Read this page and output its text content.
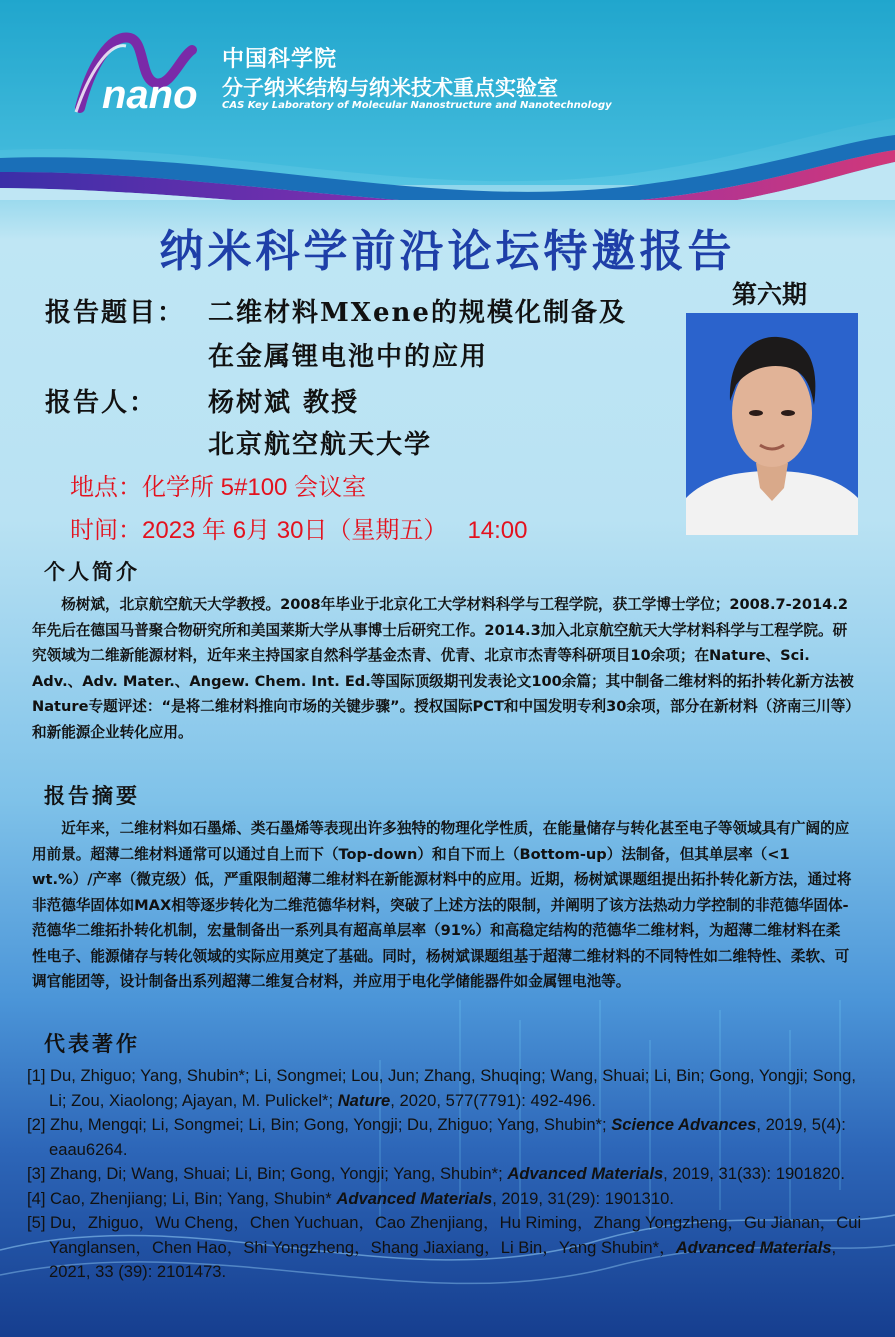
nano
中国科学院
分子纳米结构与纳米技术重点实验室
CAS Key Laboratory of Molecular Nanostructure and Nanotechnology
纳米科学前沿论坛特邀报告
第六期
报告题目： 二维材料MXene的规模化制备及
在金属锂电池中的应用
报告人： 杨树斌 教授
北京航空航天大学
地点：化学所 5#100 会议室
时间：2023 年 6月 30日（星期五）   14:00
个人简介

杨树斌，北京航空航天大学教授。2008年毕业于北京化工大学材料科学与工程学院，获工学博士学位；2008.7-2014.2年先后在德国马普聚合物研究所和美国莱斯大学从事博士后研究工作。2014.3加入北京航空航天大学材料科学与工程学院。研究领域为二维新能源材料，近年来主持国家自然科学基金杰青、优青、北京市杰青等科研项目10余项；在Nature、Sci. Adv.、Adv. Mater.、Angew. Chem. Int. Ed.等国际顶级期刊发表论文100余篇；其中制备二维材料的拓扑转化新方法被Nature专题评述：“是将二维材料推向市场的关键步骤”。授权国际PCT和中国发明专利30余项，部分在新材料（济南三川等）和新能源企业转化应用。

报告摘要

近年来，二维材料如石墨烯、类石墨烯等表现出许多独特的物理化学性质，在能量储存与转化甚至电子等领域具有广阔的应用前景。超薄二维材料通常可以通过自上而下（Top-down）和自下而上（Bottom-up）法制备，但其单层率（<1 wt.%）/产率（微克级）低，严重限制超薄二维材料在新能源材料中的应用。近期，杨树斌课题组提出拓扑转化新方法，通过将非范德华固体如MAX相等逐步转化为二维范德华材料，突破了上述方法的限制，并阐明了该方法热动力学控制的非范德华固体-范德华二维拓扑转化机制，宏量制备出一系列具有超高单层率（91%）和高稳定结构的范德华二维材料，为超薄二维材料在柔性电子、能源储存与转化领域的实际应用奠定了基础。同时，杨树斌课题组基于超薄二维材料的不同特性如二维特性、柔软、可调官能团等，设计制备出系列超薄二维复合材料，并应用于电化学储能器件如金属锂电池等。

代表著作

[1] Du, Zhiguo; Yang, Shubin*; Li, Songmei; Lou, Jun; Zhang, Shuqing; Wang, Shuai; Li, Bin; Gong, Yongji; Song, Li; Zou, Xiaolong; Ajayan, M. Pulickel*; Nature, 2020, 577(7791): 492-496.

[2] Zhu, Mengqi; Li, Songmei; Li, Bin; Gong, Yongji; Du, Zhiguo; Yang, Shubin*; Science Advances, 2019, 5(4): eaau6264.

[3] Zhang, Di; Wang, Shuai; Li, Bin; Gong, Yongji; Yang, Shubin*; Advanced Materials, 2019, 31(33): 1901820.

[4] Cao, Zhenjiang; Li, Bin; Yang, Shubin* Advanced Materials, 2019, 31(29): 1901310.

[5] Du，Zhiguo，Wu Cheng，Chen Yuchuan，Cao Zhenjiang，Hu Riming，Zhang Yongzheng，Gu Jianan，Cui Yanglansen，Chen Hao，Shi Yongzheng，Shang Jiaxiang，Li Bin，Yang Shubin*，Advanced Materials, 2021, 33 (39): 2101473.
